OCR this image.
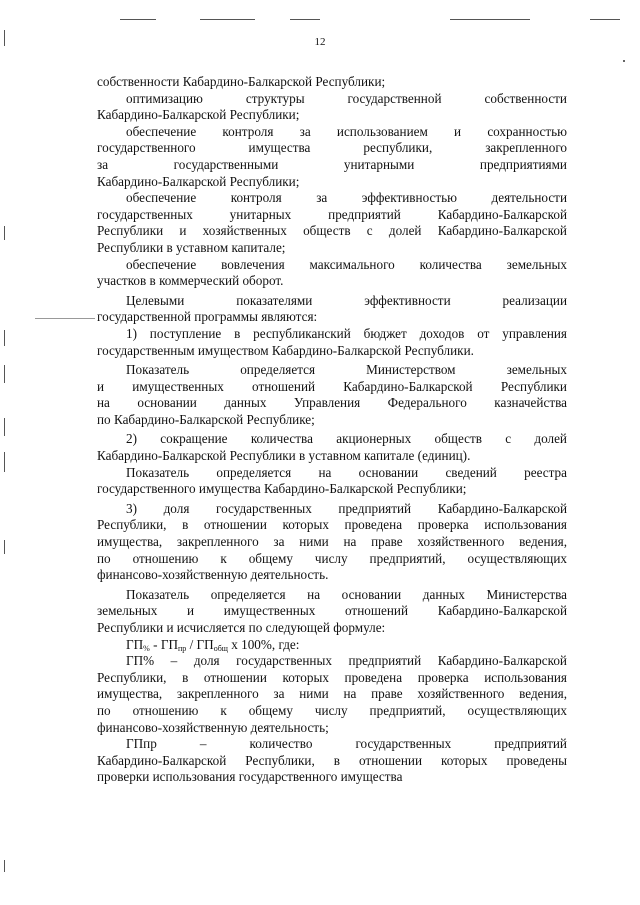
12

собственности Кабардино-Балкарской Республики;

оптимизацию структуры государственной собственности
Кабардино-Балкарской Республики;

обеспечение контроля за использованием и сохранностью
государственного имущества республики, закрепленного
за государственными унитарными предприятиями
Кабардино-Балкарской Республики;

обеспечение контроля за эффективностью деятельности
государственных унитарных предприятий Кабардино-Балкарской
Республики и хозяйственных обществ с долей Кабардино-Балкарской
Республики в уставном капитале;

обеспечение вовлечения максимального количества земельных
участков в коммерческий оборот.

Целевыми показателями эффективности реализации
государственной программы являются:

1) поступление в республиканский бюджет доходов от управления
государственным имуществом Кабардино-Балкарской Республики.

Показатель определяется Министерством земельных
и имущественных отношений Кабардино-Балкарской Республики
на основании данных Управления Федерального казначейства
по Кабардино-Балкарской Республике;

2) сокращение количества акционерных обществ с долей
Кабардино-Балкарской Республики в уставном капитале (единиц).

Показатель определяется на основании сведений реестра
государственного имущества Кабардино-Балкарской Республики;

3) доля государственных предприятий Кабардино-Балкарской
Республики, в отношении которых проведена проверка использования
имущества, закрепленного за ними на праве хозяйственного ведения,
по отношению к общему числу предприятий, осуществляющих
финансово-хозяйственную деятельность.

Показатель определяется на основании данных Министерства
земельных и имущественных отношений Кабардино-Балкарской
Республики и исчисляется по следующей формуле:

$ГП_{\%} - ГП_{пр} / ГП_{общ}$ х 100%, где:

ГП% – доля государственных предприятий Кабардино-Балкарской
Республики, в отношении которых проведена проверка использования
имущества, закрепленного за ними на праве хозяйственного ведения,
по отношению к общему числу предприятий, осуществляющих
финансово-хозяйственную деятельность;

ГПпр – количество государственных предприятий
Кабардино-Балкарской Республики, в отношении которых проведены
проверки использования государственного имущества
